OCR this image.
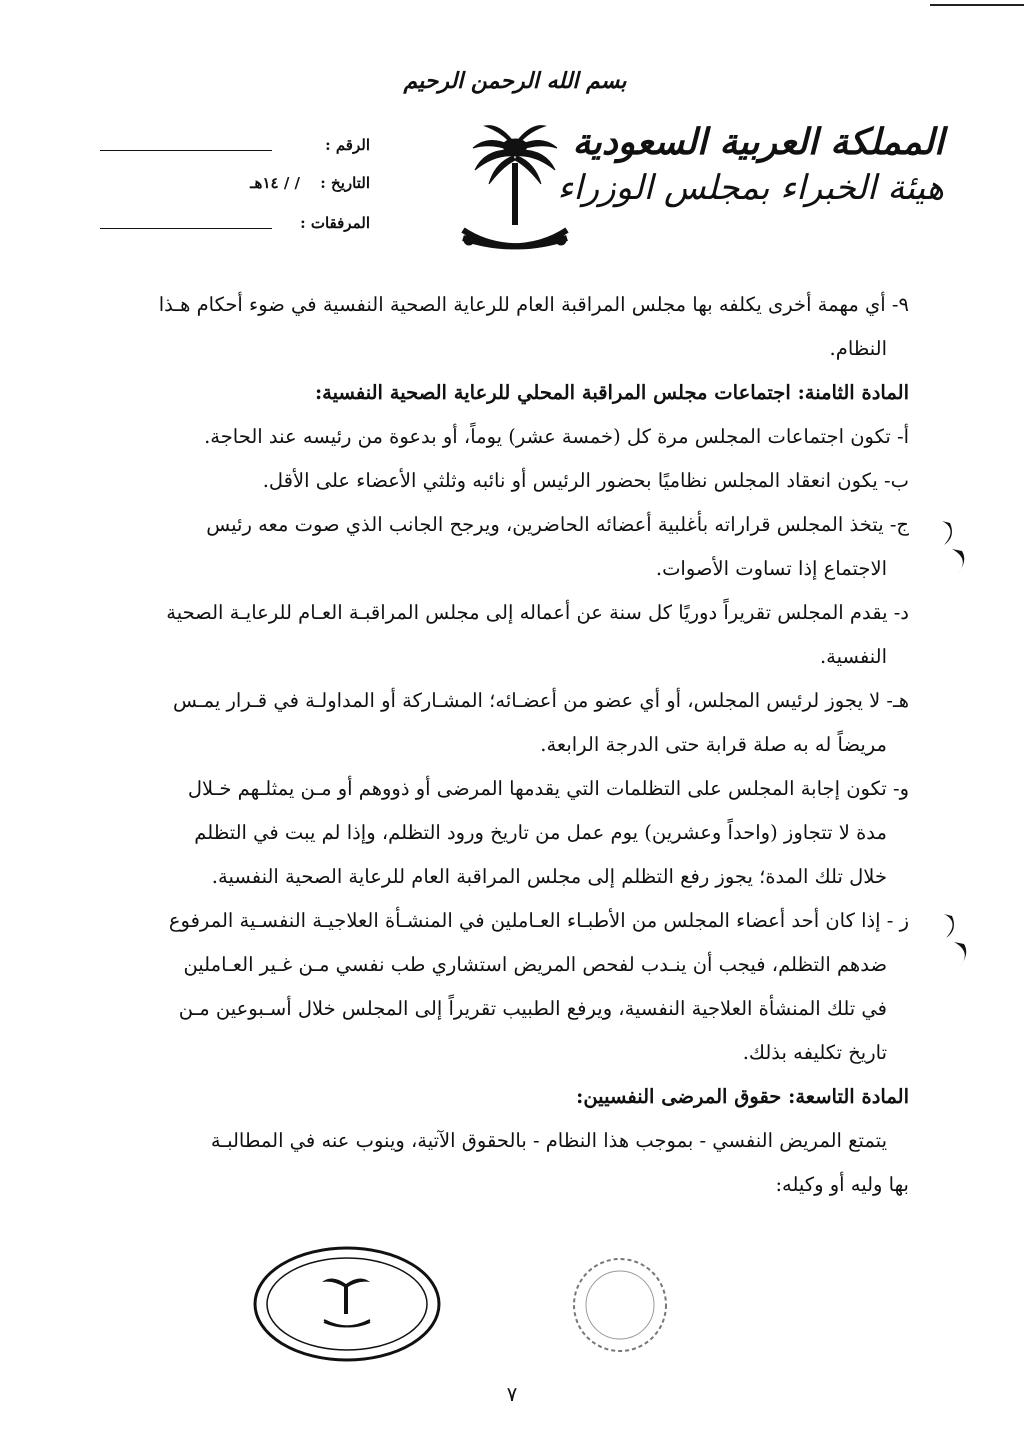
بسم الله الرحمن الرحيم
المملكة العربية السعودية
هيئة الخبراء بمجلس الوزراء
الرقم :
التاريخ :
/ / ١٤هـ
المرفقات :

٩- أي مهمة أخرى يكلفه بها مجلس المراقبة العام للرعاية الصحية النفسية في ضوء أحكام هـذا

النظام.

المادة الثامنة: اجتماعات مجلس المراقبة المحلي للرعاية الصحية النفسية:

أ- تكون اجتماعات المجلس مرة كل (خمسة عشر) يوماً، أو بدعوة من رئيسه عند الحاجة.

ب- يكون انعقاد المجلس نظاميًا بحضور الرئيس أو نائبه وثلثي الأعضاء على الأقل.

ج- يتخذ المجلس قراراته بأغلبية أعضائه الحاضرين، ويرجح الجانب الذي صوت معه رئيس

الاجتماع إذا تساوت الأصوات.

د- يقدم المجلس تقريراً دوريًا كل سنة عن أعماله إلى مجلس المراقبـة العـام للرعايـة الصحية

النفسية.

هـ- لا يجوز لرئيس المجلس، أو أي عضو من أعضـائه؛ المشـاركة أو المداولـة في قـرار يمـس

مريضاً له به صلة قرابة حتى الدرجة الرابعة.

و- تكون إجابة المجلس على التظلمات التي يقدمها المرضى أو ذووهم أو مـن يمثلـهم خـلال

مدة لا تتجاوز (واحداً وعشرين) يوم عمل من تاريخ ورود التظلم، وإذا لم يبت في التظلم

خلال تلك المدة؛ يجوز رفع التظلم إلى مجلس المراقبة العام للرعاية الصحية النفسية.

ز - إذا كان أحد أعضاء المجلس من الأطبـاء العـاملين في المنشـأة العلاجيـة النفسـية المرفوع

ضدهم التظلم، فيجب أن ينـدب لفحص المريض استشاري طب نفسي مـن غـير العـاملين

في تلك المنشأة العلاجية النفسية، ويرفع الطبيب تقريراً إلى المجلس خلال أسـبوعين مـن

تاريخ تكليفه بذلك.

المادة التاسعة: حقوق المرضى النفسيين:

يتمتع المريض النفسي - بموجب هذا النظام - بالحقوق الآتية، وينوب عنه في المطالبـة

بها وليه أو وكيله:

٧
